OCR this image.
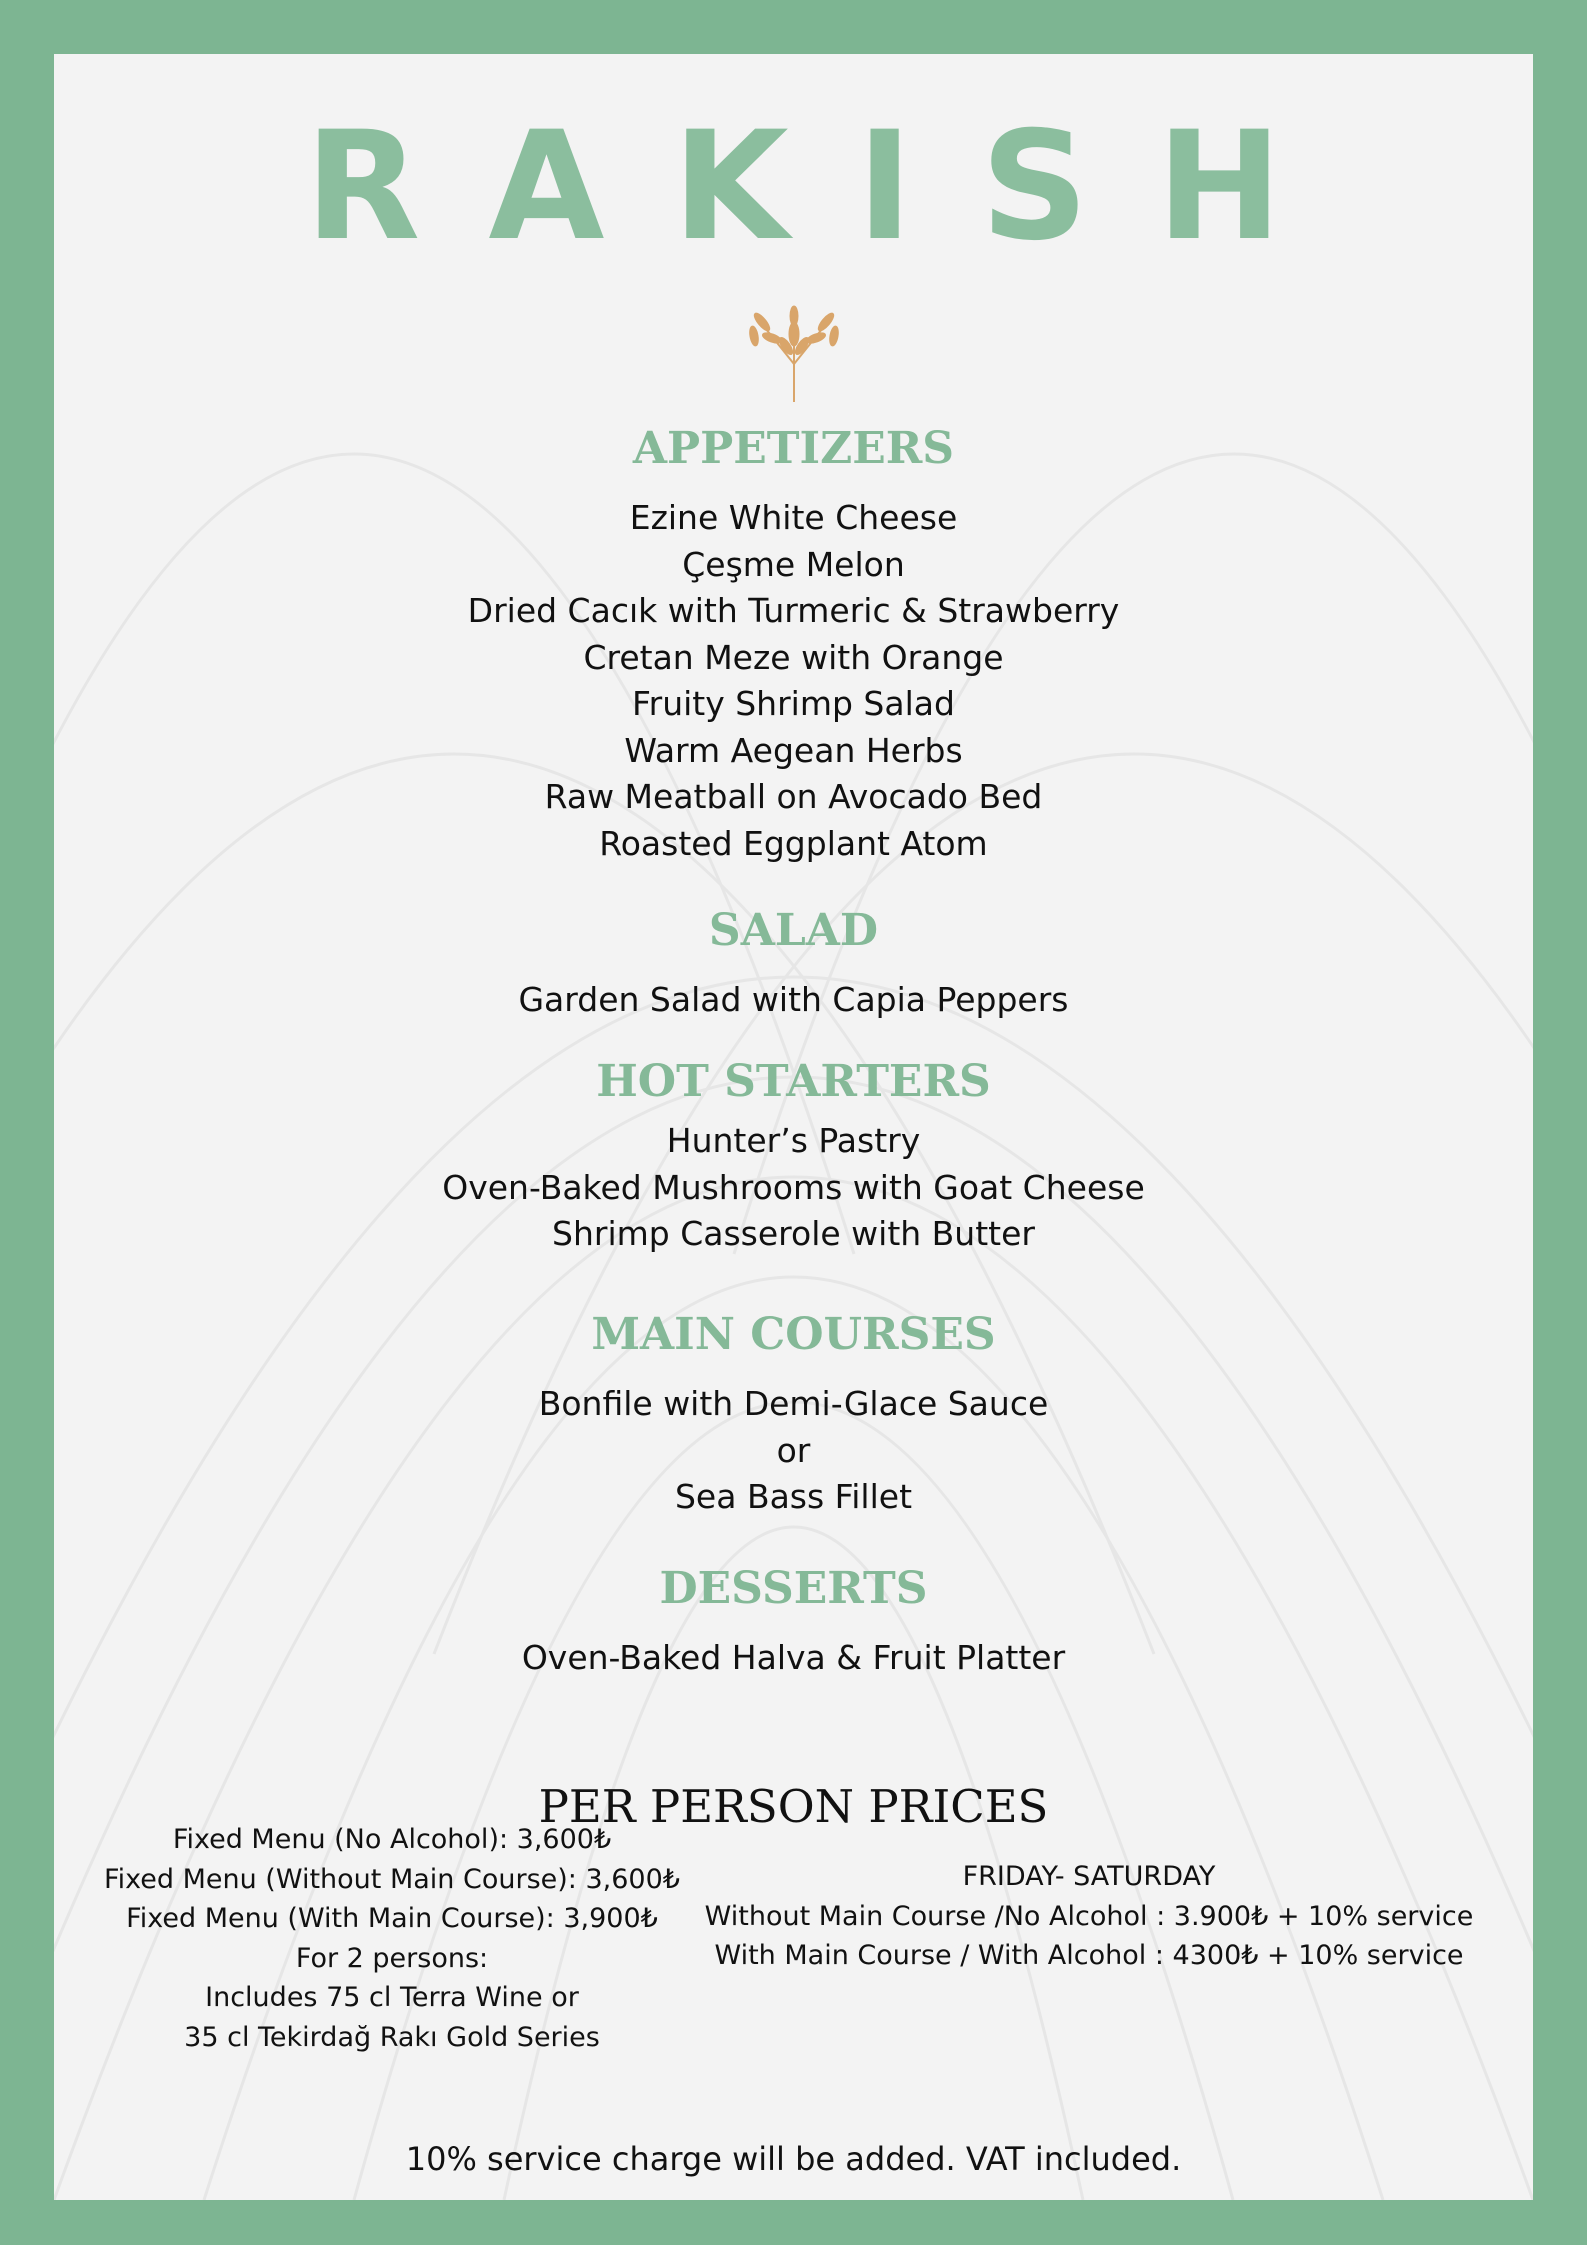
RAKISH
APPETIZERS

Ezine White Cheese

Çeşme Melon

Dried Cacık with Turmeric & Strawberry

Cretan Meze with Orange

Fruity Shrimp Salad

Warm Aegean Herbs

Raw Meatball on Avocado Bed

Roasted Eggplant Atom

SALAD

Garden Salad with Capia Peppers

HOT STARTERS

Hunter’s Pastry

Oven-Baked Mushrooms with Goat Cheese

Shrimp Casserole with Butter

MAIN COURSES

Bonfile with Demi-Glace Sauce

or

Sea Bass Fillet

DESSERTS

Oven-Baked Halva & Fruit Platter

PER PERSON PRICES
Fixed Menu (No Alcohol): 3,600₺
Fixed Menu (Without Main Course): 3,600₺
Fixed Menu (With Main Course): 3,900₺
For 2 persons:
Includes 75 cl Terra Wine or
35 cl Tekirdağ Rakı Gold Series
FRIDAY- SATURDAY
Without Main Course /No Alcohol : 3.900₺ + 10% service
With Main Course / With Alcohol : 4300₺ + 10% service
10% service charge will be added. VAT included.
